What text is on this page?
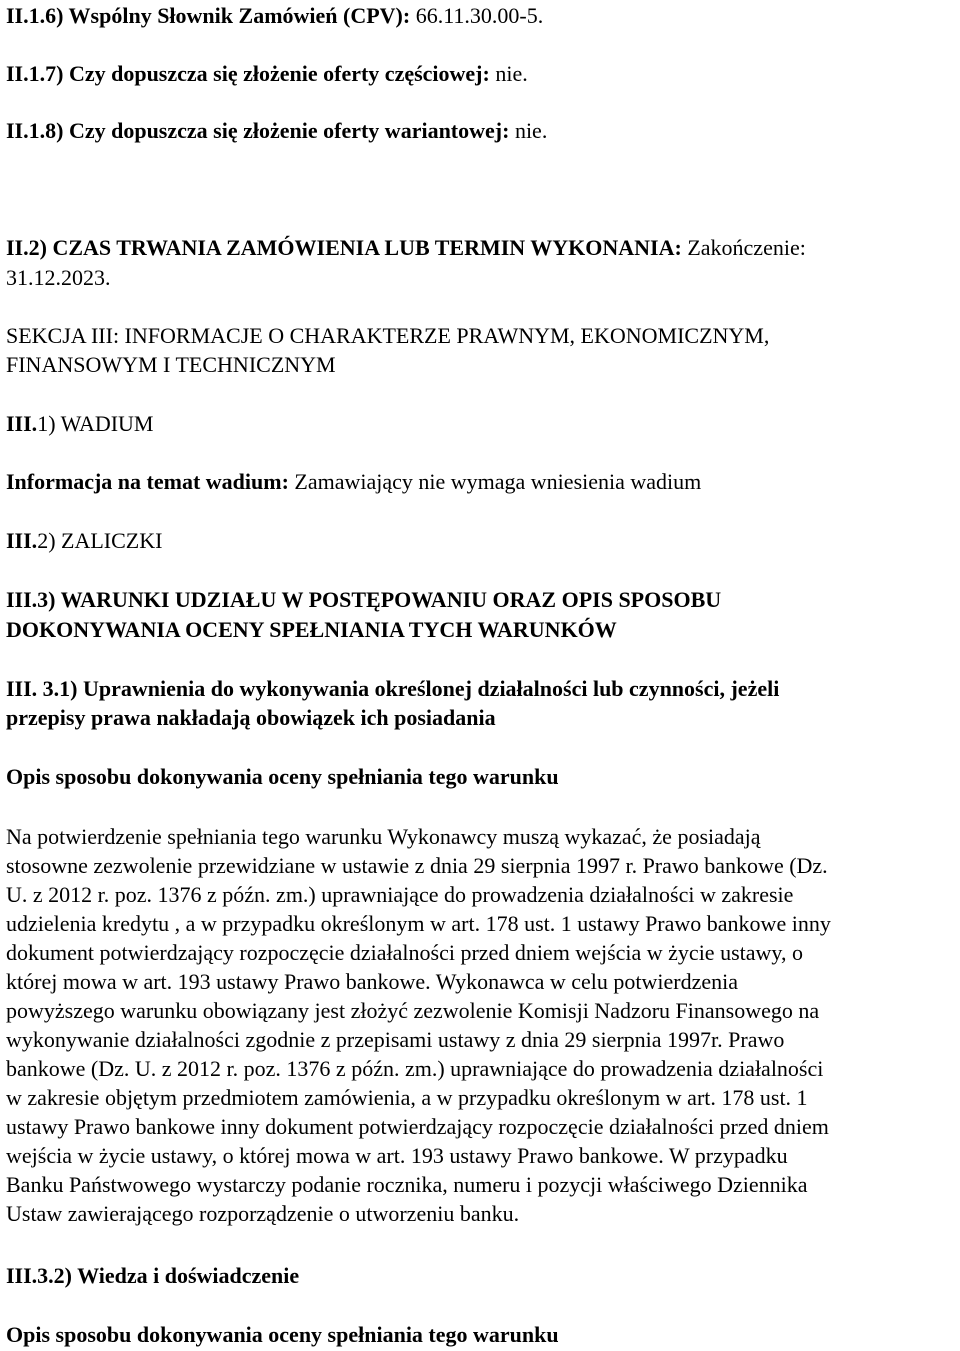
II.1.6) Wspólny Słownik Zamówień (CPV): 66.11.30.00-5.
II.1.7) Czy dopuszcza się złożenie oferty częściowej: nie.
II.1.8) Czy dopuszcza się złożenie oferty wariantowej: nie.
II.2) CZAS TRWANIA ZAMÓWIENIA LUB TERMIN WYKONANIA: Zakończenie:
31.12.2023.
SEKCJA III: INFORMACJE O CHARAKTERZE PRAWNYM, EKONOMICZNYM,
FINANSOWYM I TECHNICZNYM
III.1) WADIUM
Informacja na temat wadium: Zamawiający nie wymaga wniesienia wadium
III.2) ZALICZKI
III.3) WARUNKI UDZIAŁU W POSTĘPOWANIU ORAZ OPIS SPOSOBU
DOKONYWANIA OCENY SPEŁNIANIA TYCH WARUNKÓW
III. 3.1) Uprawnienia do wykonywania określonej działalności lub czynności, jeżeli
przepisy prawa nakładają obowiązek ich posiadania
Opis sposobu dokonywania oceny spełniania tego warunku
Na potwierdzenie spełniania tego warunku Wykonawcy muszą wykazać, że posiadają
stosowne zezwolenie przewidziane w ustawie z dnia 29 sierpnia 1997 r. Prawo bankowe (Dz.
U. z 2012 r. poz. 1376 z późn. zm.) uprawniające do prowadzenia działalności w zakresie
udzielenia kredytu , a w przypadku określonym w art. 178 ust. 1 ustawy Prawo bankowe inny
dokument potwierdzający rozpoczęcie działalności przed dniem wejścia w życie ustawy, o
której mowa w art. 193 ustawy Prawo bankowe. Wykonawca w celu potwierdzenia
powyższego warunku obowiązany jest złożyć zezwolenie Komisji Nadzoru Finansowego na
wykonywanie działalności zgodnie z przepisami ustawy z dnia 29 sierpnia 1997r. Prawo
bankowe (Dz. U. z 2012 r. poz. 1376 z późn. zm.) uprawniające do prowadzenia działalności
w zakresie objętym przedmiotem zamówienia, a w przypadku określonym w art. 178 ust. 1
ustawy Prawo bankowe inny dokument potwierdzający rozpoczęcie działalności przed dniem
wejścia w życie ustawy, o której mowa w art. 193 ustawy Prawo bankowe. W przypadku
Banku Państwowego wystarczy podanie rocznika, numeru i pozycji właściwego Dziennika
Ustaw zawierającego rozporządzenie o utworzeniu banku.
III.3.2) Wiedza i doświadczenie
Opis sposobu dokonywania oceny spełniania tego warunku
